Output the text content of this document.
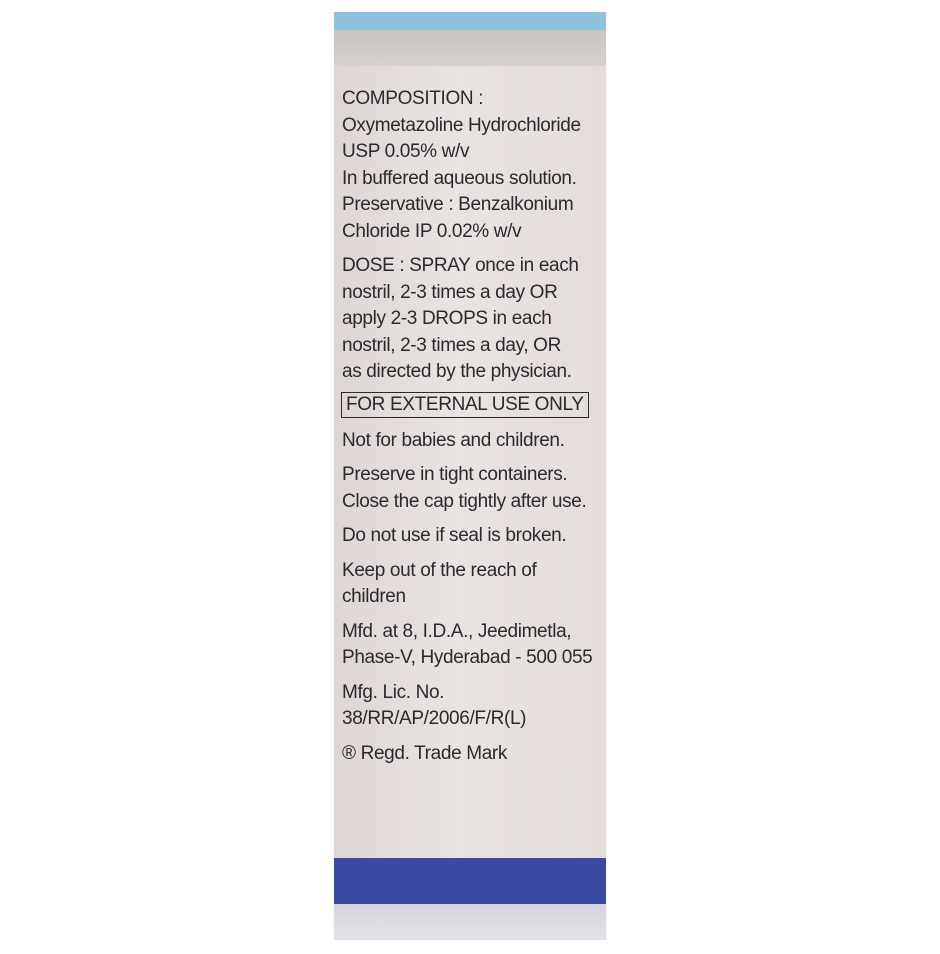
COMPOSITION :
Oxymetazoline Hydrochloride
USP 0.05% w/v
In buffered aqueous solution.
Preservative : Benzalkonium
Chloride IP 0.02% w/v
DOSE : SPRAY once in each
nostril, 2-3 times a day OR
apply 2-3 DROPS in each
nostril, 2-3 times a day, OR
as directed by the physician.
FOR EXTERNAL USE ONLY
Not for babies and children.
Preserve in tight containers.
Close the cap tightly after use.
Do not use if seal is broken.
Keep out of the reach of
children
Mfd. at 8, I.D.A., Jeedimetla,
Phase-V, Hyderabad - 500 055
Mfg. Lic. No.
38/RR/AP/2006/F/R(L)
® Regd. Trade Mark
